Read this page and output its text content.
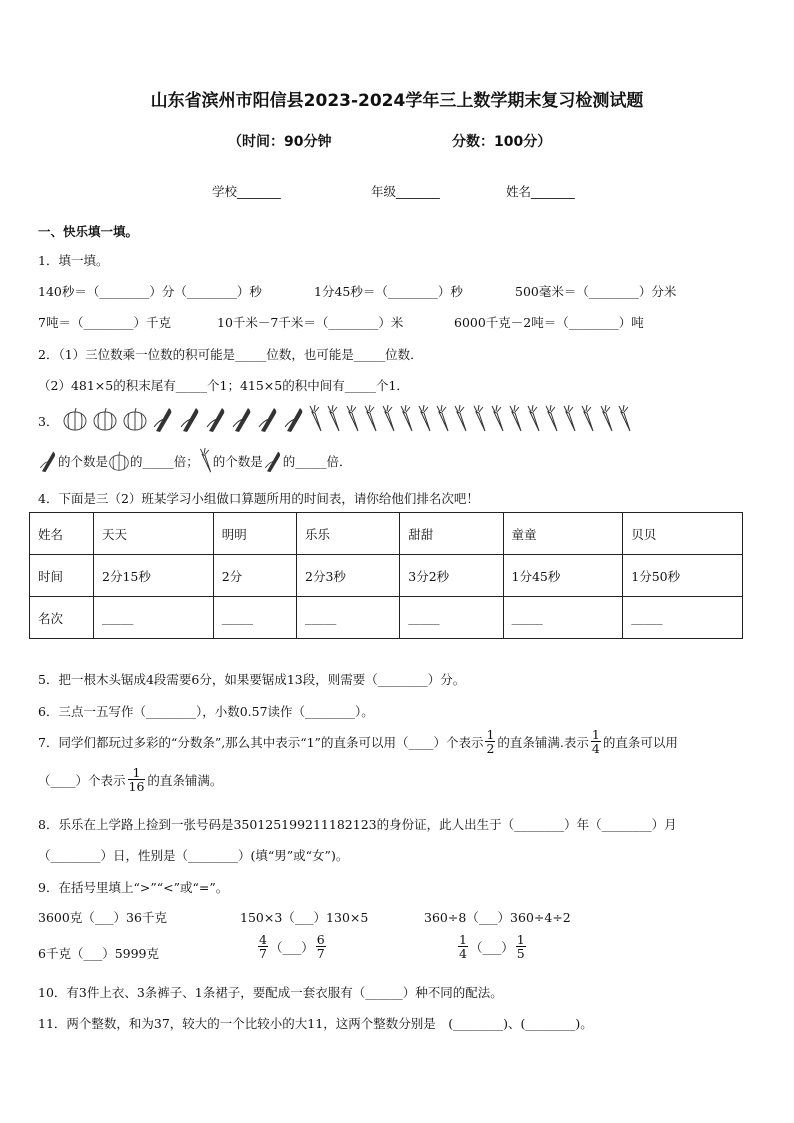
山东省滨州市阳信县2023-2024学年三上数学期末复习检测试题
（时间：90分钟	分数：100分）
学校_______	年级_______	姓名_______
一、快乐填一填。
1．填一填。
140秒＝（________）分（________）秒	1分45秒＝（________）秒	500毫米＝（________）分米
7吨＝（________）千克	10千米－7千米＝（________）米	6000千克－2吨＝（________）吨
2．（1）三位数乘一位数的积可能是_____位数，也可能是_____位数．
（2）481×5的积末尾有_____个1；415×5的积中间有_____个1．
3．

的个数是 的_____倍； 的个数是 的_____倍．
4．下面是三（2）班某学习小组做口算题所用的时间表，请你给他们排名次吧！
姓名	天天	明明	乐乐	甜甜	童童	贝贝
时间	2分15秒	2分	2分3秒	3分2秒	1分45秒	1分50秒
名次	_____	_____	_____	_____	_____	_____
5．把一根木头锯成4段需要6分，如果要锯成13段，则需要（________）分。
6．三点一五写作（________），小数0.57读作（________）。
7．同学们都玩过多彩的“分数条”,那么其中表示“1”的直条可以用（____）个表示 $\frac{1}{2}$ 的直条铺满.表示 $\frac{1}{4}$ 的直条可以用
（____）个表示 $\frac{1}{16}$ 的直条铺满。
8．乐乐在上学路上捡到一张号码是350125199211182123的身份证，此人出生于（________）年（________）月
（________）日，性别是（________）(填“男”或“女”)。
9．在括号里填上“>”“<”或“=”。
3600克（___）36千克	150×3（___）130×5	360÷8（___）360÷4÷2
6千克（___）5999克	$\frac{4}{7}$ （___） $\frac{6}{7}$	$\frac{1}{4}$ （___） $\frac{1}{5}$
10．有3件上衣、3条裤子、1条裙子，要配成一套衣服有（______）种不同的配法。
11．两个整数，和为37，较大的一个比较小的大11，这两个整数分别是　(________)、(________)。
